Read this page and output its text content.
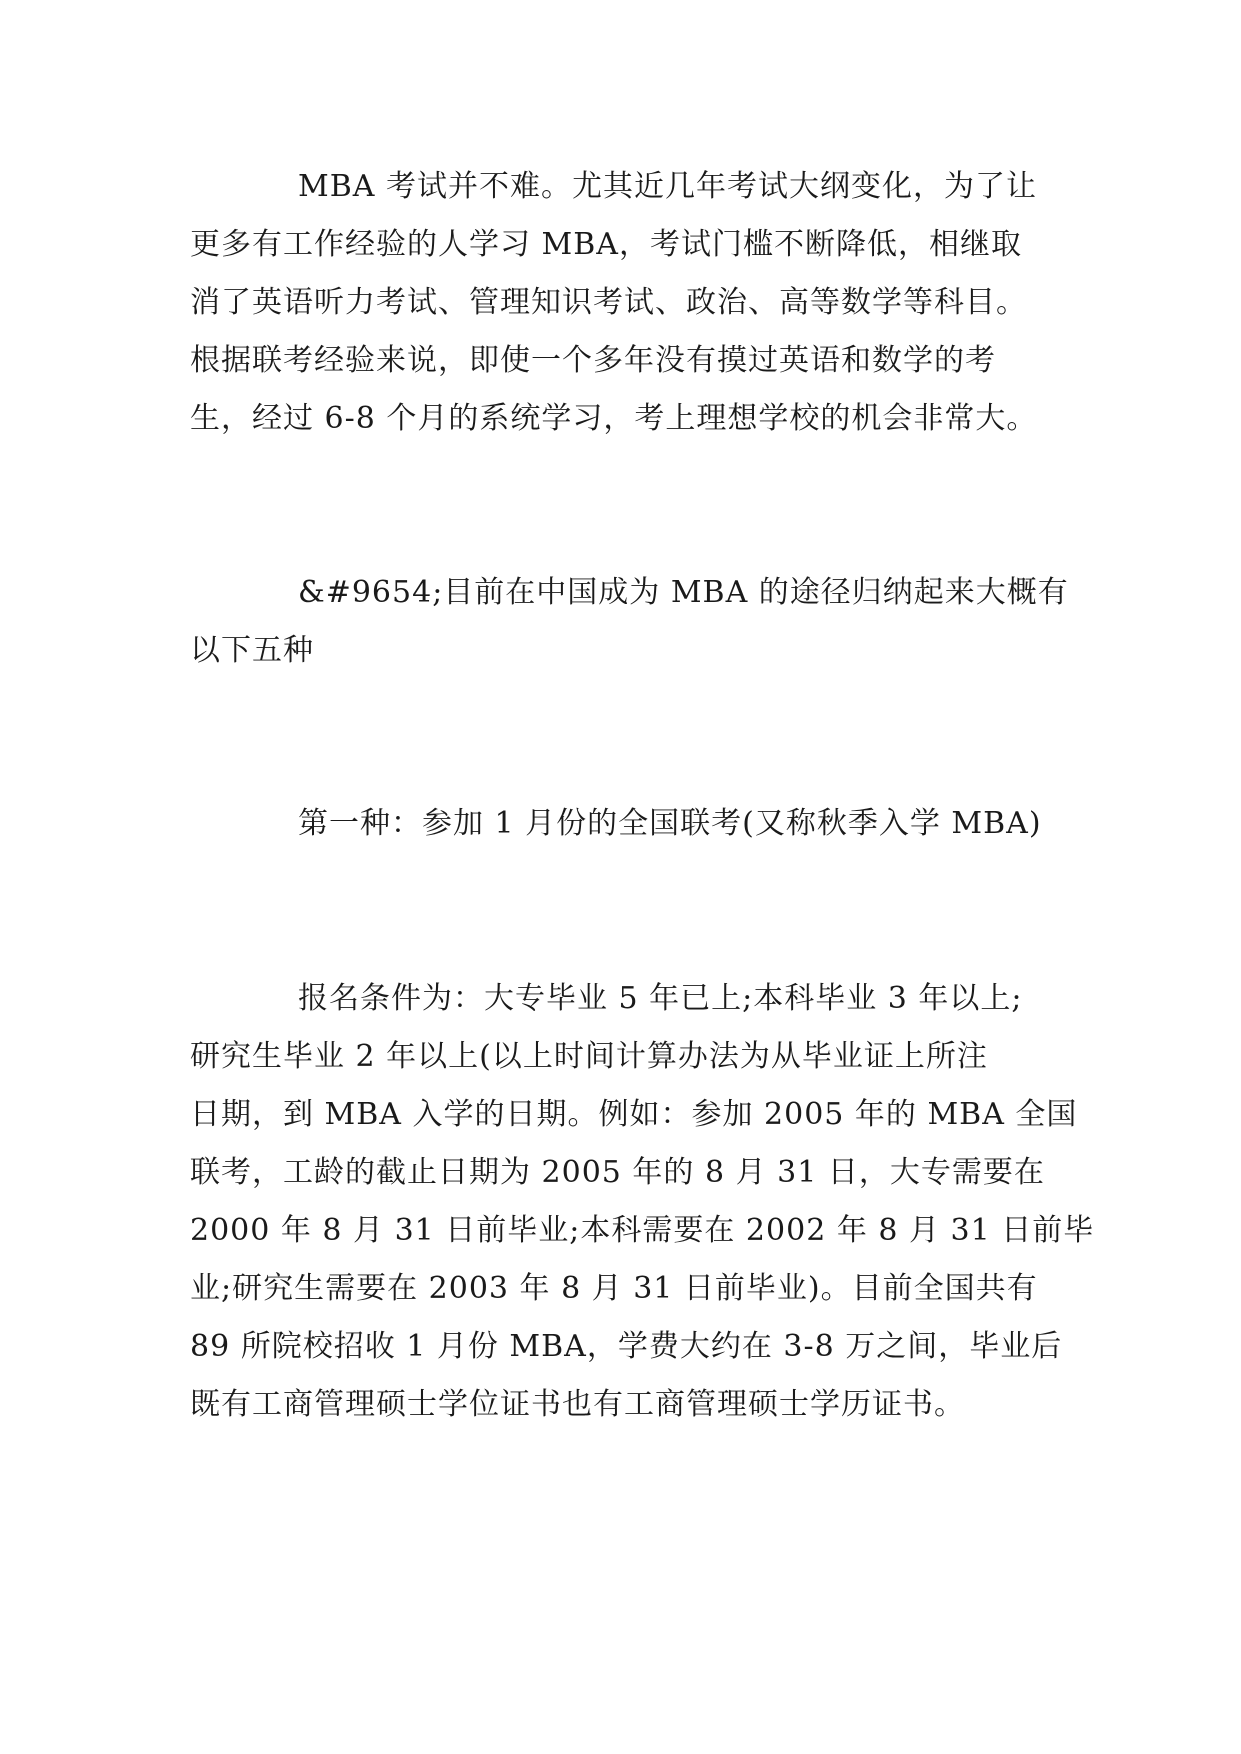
MBA 考试并不难。尤其近几年考试大纲变化，为了让
更多有工作经验的人学习 MBA，考试门槛不断降低，相继取
消了英语听力考试、管理知识考试、政治、高等数学等科目。
根据联考经验来说，即使一个多年没有摸过英语和数学的考
生，经过 6-8 个月的系统学习，考上理想学校的机会非常大。
&#9654;目前在中国成为 MBA 的途径归纳起来大概有
以下五种
第一种：参加 1 月份的全国联考(又称秋季入学 MBA)
报名条件为：大专毕业 5 年已上;本科毕业 3 年以上;
研究生毕业 2 年以上(以上时间计算办法为从毕业证上所注
日期，到 MBA 入学的日期。例如：参加 2005 年的 MBA 全国
联考，工龄的截止日期为 2005 年的 8 月 31 日，大专需要在
2000 年 8 月 31 日前毕业;本科需要在 2002 年 8 月 31 日前毕
业;研究生需要在 2003 年 8 月 31 日前毕业)。目前全国共有
89 所院校招收 1 月份 MBA，学费大约在 3-8 万之间，毕业后
既有工商管理硕士学位证书也有工商管理硕士学历证书。
